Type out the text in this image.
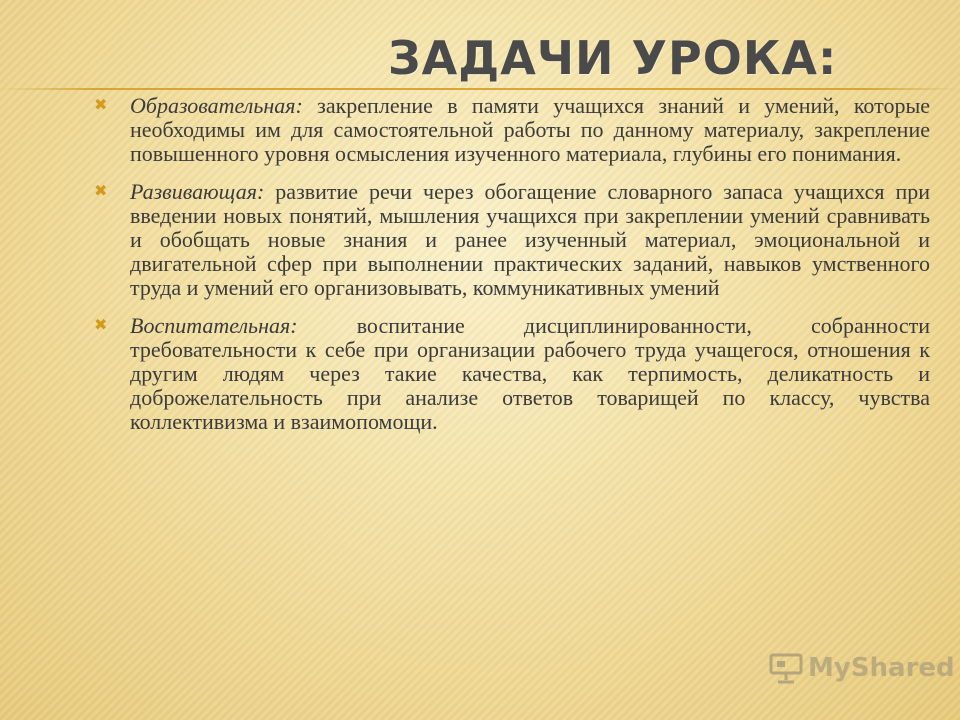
ЗАДАЧИ УРОКА:
✖ Образовательная: закрепление в памяти учащихся знаний и умений, которые необходимы им для самостоятельной работы по данному материалу, закрепление повышенного уровня осмысления изученного материала, глубины его понимания.

✖ Развивающая: развитие речи через обогащение словарного запаса учащихся при введении новых понятий, мышления учащихся при закреплении умений сравнивать и обобщать новые знания и ранее изученный материал, эмоциональной и двигательной сфер при выполнении практических заданий, навыков умственного труда и умений его организовывать, коммуникативных умений

✖ Воспитательная: воспитание дисциплинированности, собранности требовательности к себе при организации рабочего труда учащегося, отношения к другим людям через такие качества, как терпимость, деликатность и доброжелательность при анализе ответов товарищей по классу, чувства коллективизма и взаимопомощи.

MyShared
